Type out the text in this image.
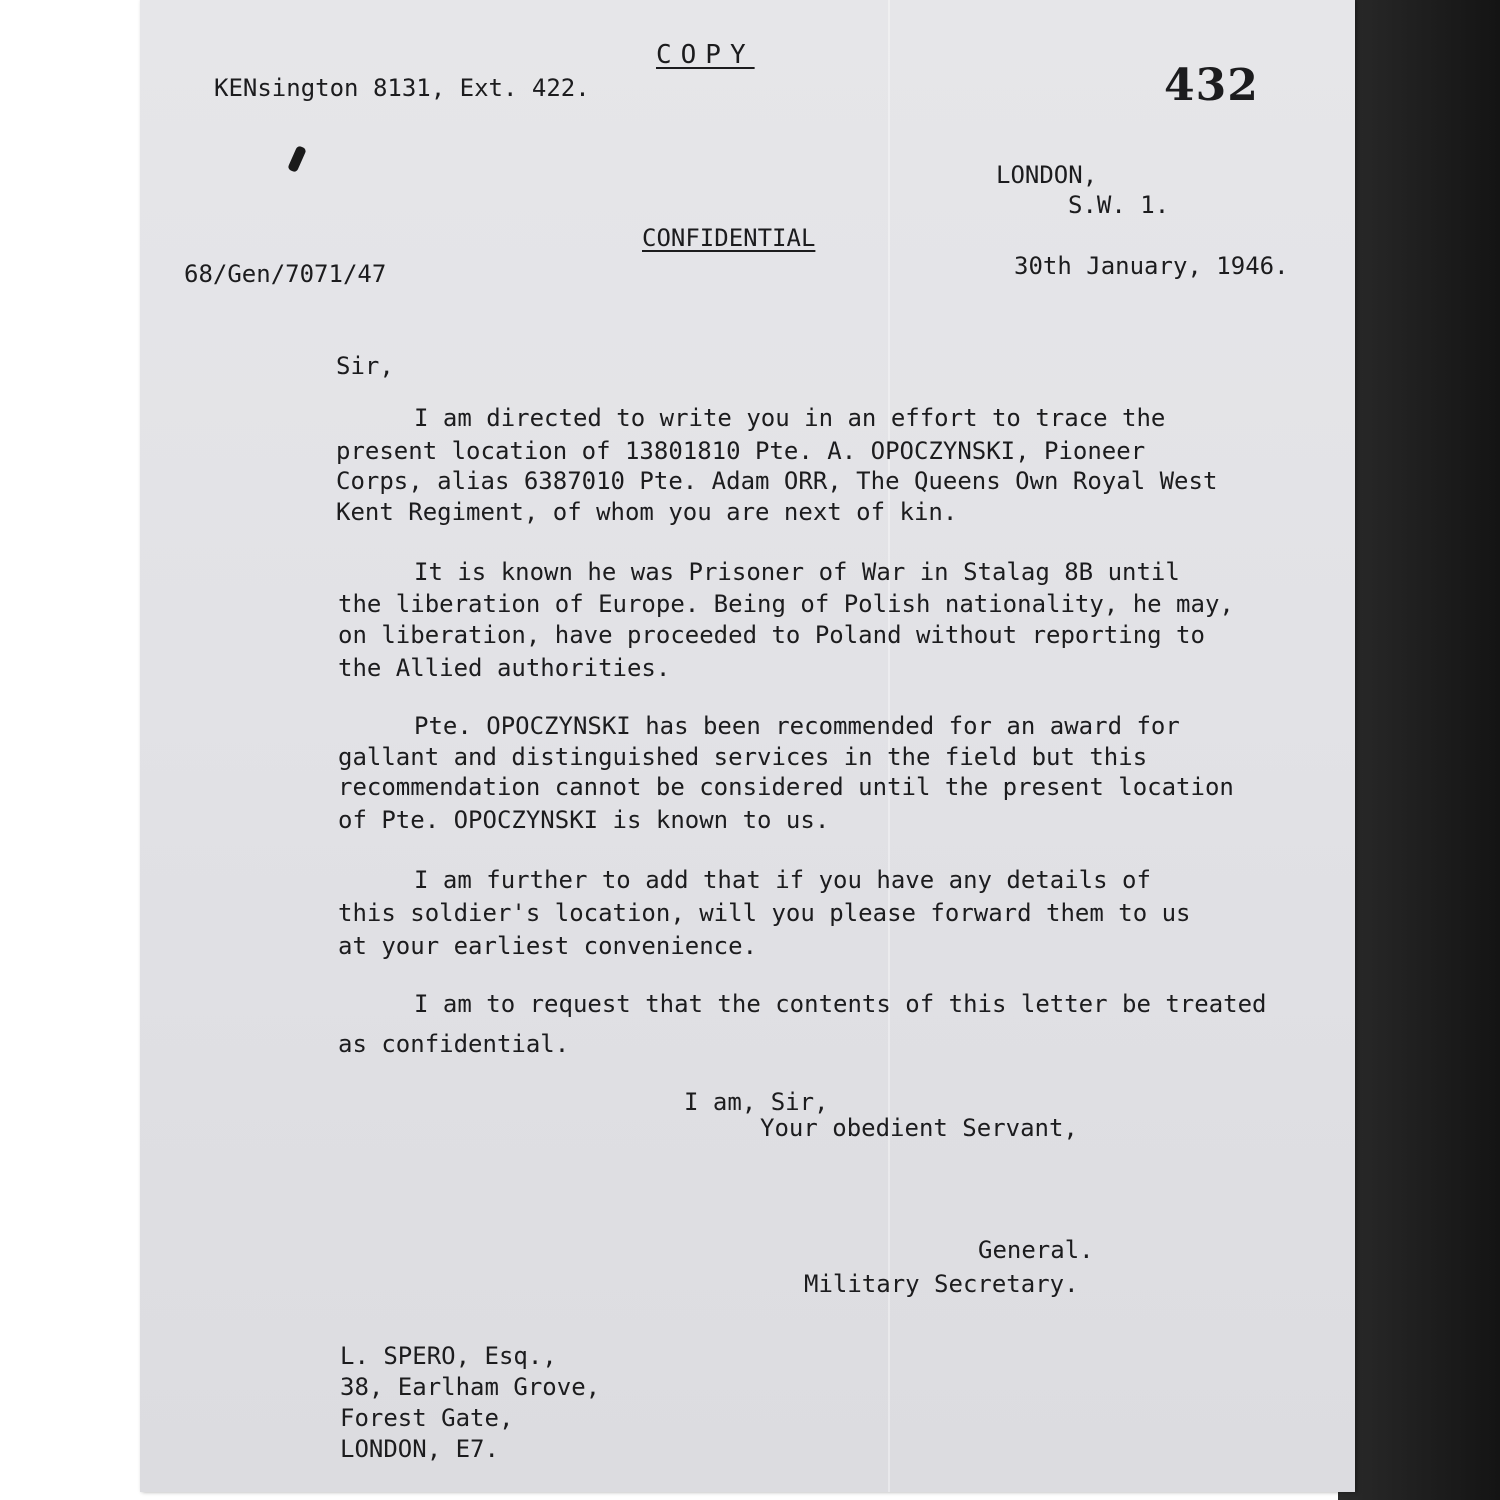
COPY
KENsington 8131, Ext. 422.	432
LONDON,
S.W. 1.
CONFIDENTIAL
68/Gen/7071/47	30th January, 1946.
Sir,
I am directed to write you in an effort to trace the
present location of 13801810 Pte. A. OPOCZYNSKI, Pioneer
Corps, alias 6387010 Pte. Adam ORR, The Queens Own Royal West
Kent Regiment, of whom you are next of kin.
It is known he was Prisoner of War in Stalag 8B until
the liberation of Europe. Being of Polish nationality, he may,
on liberation, have proceeded to Poland without reporting to
the Allied authorities.
Pte. OPOCZYNSKI has been recommended for an award for
gallant and distinguished services in the field but this
recommendation cannot be considered until the present location
of Pte. OPOCZYNSKI is known to us.
I am further to add that if you have any details of
this soldier's location, will you please forward them to us
at your earliest convenience.
I am to request that the contents of this letter be treated
as confidential.
I am, Sir,
Your obedient Servant,
General.
Military Secretary.
L. SPERO, Esq.,
38, Earlham Grove,
Forest Gate,
LONDON, E7.
